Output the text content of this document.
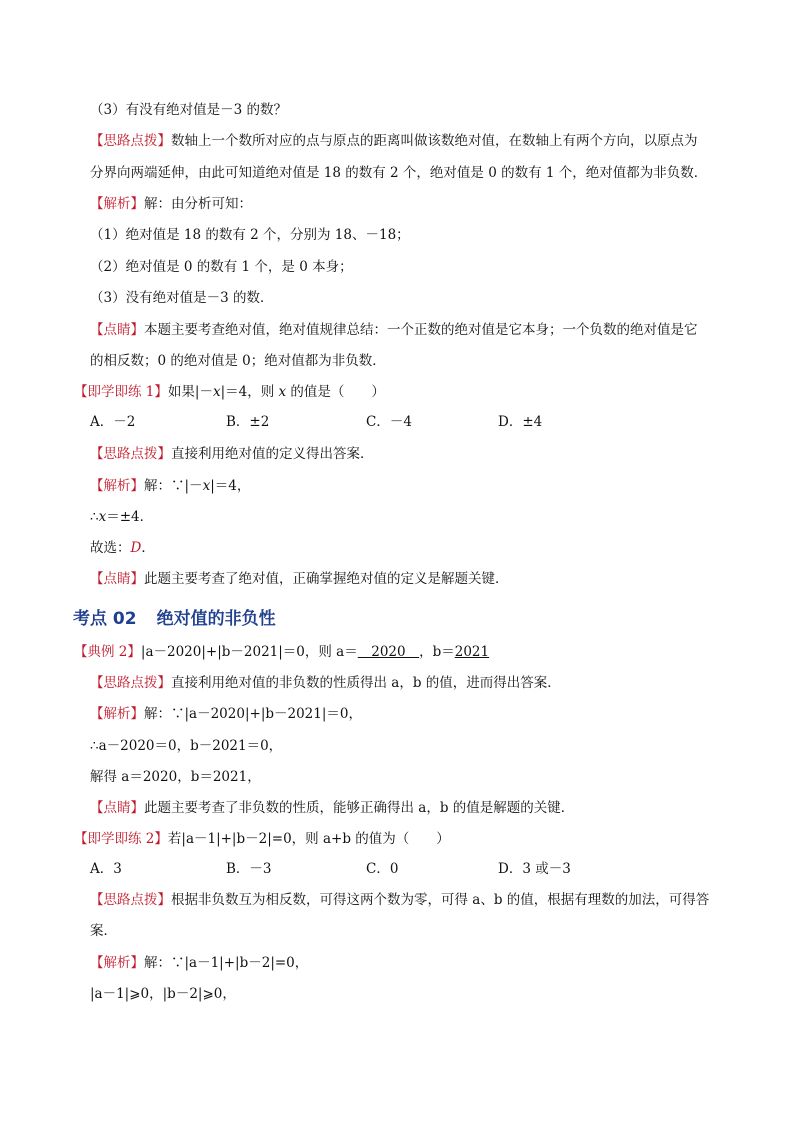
（3）有没有绝对值是－3 的数？
【思路点拨】数轴上一个数所对应的点与原点的距离叫做该数绝对值，在数轴上有两个方向，以原点为
分界向两端延伸，由此可知道绝对值是 18 的数有 2 个，绝对值是 0 的数有 1 个，绝对值都为非负数．
【解析】解：由分析可知：
（1）绝对值是 18 的数有 2 个，分别为 18、－18；
（2）绝对值是 0 的数有 1 个，是 0 本身；
（3）没有绝对值是－3 的数．
【点睛】本题主要考查绝对值，绝对值规律总结：一个正数的绝对值是它本身；一个负数的绝对值是它
的相反数；0 的绝对值是 0；绝对值都为非负数．
【即学即练 1】如果|－x|＝4，则 x 的值是（　　）
A．－2	B．±2	C．－4	D．±4
【思路点拨】直接利用绝对值的定义得出答案．
【解析】解：∵|－x|＝4，
∴x＝±4．
故选：D．
【点睛】此题主要考查了绝对值，正确掌握绝对值的定义是解题关键．
考点 02 绝对值的非负性
【典例 2】|a－2020|+|b－2021|＝0，则 a＝　2020　，b＝2021
【思路点拨】直接利用绝对值的非负数的性质得出 a，b 的值，进而得出答案．
【解析】解：∵|a－2020|+|b－2021|＝0，
∴a－2020＝0，b－2021＝0，
解得 a＝2020，b＝2021，
【点睛】此题主要考查了非负数的性质，能够正确得出 a，b 的值是解题的关键．
【即学即练 2】若|a－1|+|b－2|=0，则 a+b 的值为（　　）
A．3	B．－3	C．0	D．3 或－3
【思路点拨】根据非负数互为相反数，可得这两个数为零，可得 a、b 的值，根据有理数的加法，可得答
案．
【解析】解：∵|a－1|+|b－2|=0，
|a－1|⩾0，|b－2|⩾0，
